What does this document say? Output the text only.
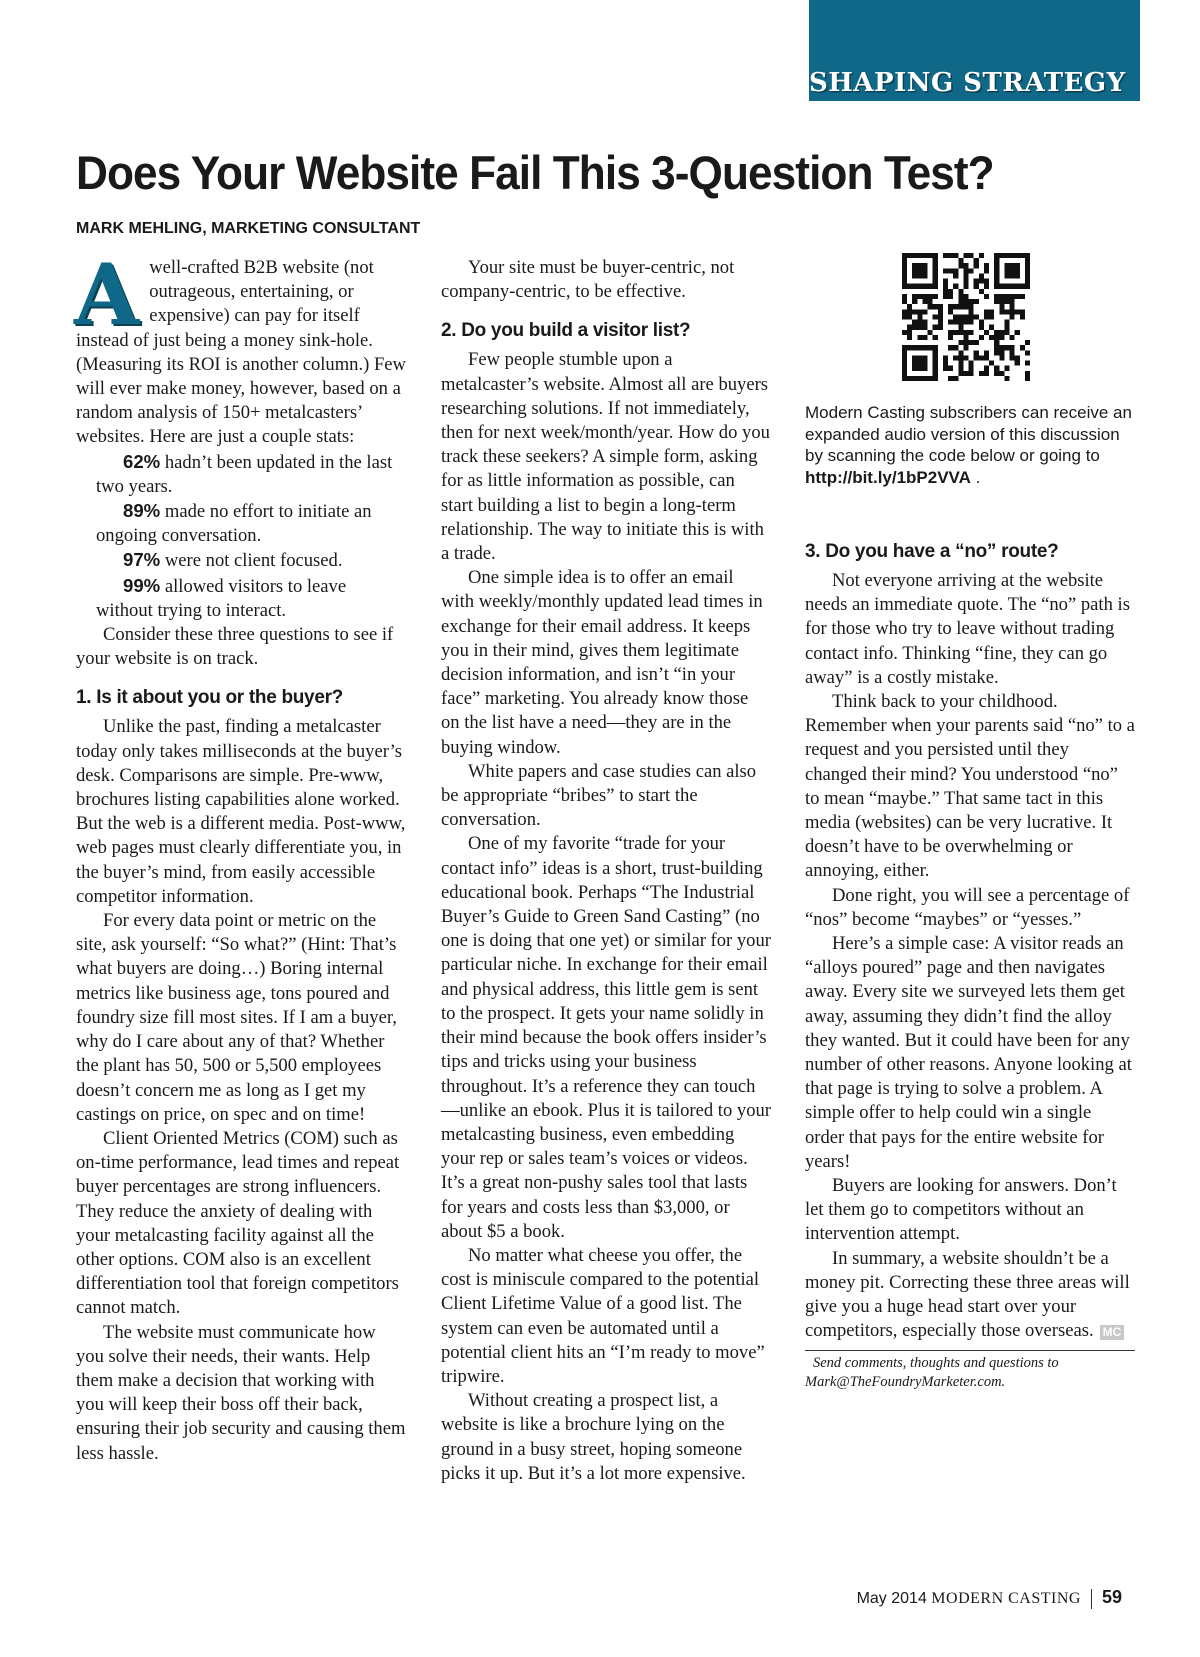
SHAPING STRATEGY
Does Your Website Fail This 3-Question Test?
MARK MEHLING, MARKETING CONSULTANT

Awell-crafted B2B website (not outrageous, entertaining, or expensive) can pay for itself instead of just being a money sink-hole. (Measuring its ROI is another column.) Few will ever make money, however, based on a random analysis of 150+ metalcasters’ websites. Here are just a couple stats:

62% hadn’t been updated in the last two years.

89% made no effort to initiate an ongoing conversation.

97% were not client focused.

99% allowed visitors to leave without trying to interact.

Consider these three questions to see if your website is on track.

1. Is it about you or the buyer?

Unlike the past, finding a metalcaster today only takes milliseconds at the buyer’s desk. Comparisons are simple. Pre-www, brochures listing capabilities alone worked. But the web is a different media. Post-www, web pages must clearly differentiate you, in the buyer’s mind, from easily accessible competitor information.

For every data point or metric on the site, ask yourself: “So what?” (Hint: That’s what buyers are doing…) Boring internal metrics like business age, tons poured and foundry size fill most sites. If I am a buyer, why do I care about any of that? Whether the plant has 50, 500 or 5,500 employees doesn’t concern me as long as I get my castings on price, on spec and on time!

Client Oriented Metrics (COM) such as on-time performance, lead times and repeat buyer percentages are strong influencers. They reduce the anxiety of dealing with your metalcasting facility against all the other options. COM also is an excellent differentiation tool that foreign competitors cannot match.

The website must communicate how you solve their needs, their wants. Help them make a decision that working with you will keep their boss off their back, ensuring their job security and causing them less hassle.

Your site must be buyer-centric, not company-centric, to be effective.

2. Do you build a visitor list?

Few people stumble upon a metalcaster’s website. Almost all are buyers researching solutions. If not immediately, then for next week/month/year. How do you track these seekers? A simple form, asking for as little information as possible, can start building a list to begin a long-term relationship. The way to initiate this is with a trade.

One simple idea is to offer an email with weekly/monthly updated lead times in exchange for their email address. It keeps you in their mind, gives them legitimate decision information, and isn’t “in your face” marketing. You already know those on the list have a need—they are in the buying window.

White papers and case studies can also be appropriate “bribes” to start the conversation.

One of my favorite “trade for your contact info” ideas is a short, trust-building educational book. Perhaps “The Industrial Buyer’s Guide to Green Sand Casting” (no one is doing that one yet) or similar for your particular niche. In exchange for their email and physical address, this little gem is sent to the prospect. It gets your name solidly in their mind because the book offers insider’s tips and tricks using your business throughout. It’s a reference they can touch—unlike an ebook. Plus it is tailored to your metalcasting business, even embedding your rep or sales team’s voices or videos. It’s a great non-pushy sales tool that lasts for years and costs less than $3,000, or about $5 a book.

No matter what cheese you offer, the cost is miniscule compared to the potential Client Lifetime Value of a good list. The system can even be automated until a potential client hits an “I’m ready to move” tripwire.

Without creating a prospect list, a website is like a brochure lying on the ground in a busy street, hoping someone picks it up. But it’s a lot more expensive.

Modern Casting subscribers can receive an expanded audio version of this discussion by scanning the code below or going to http://bit.ly/1bP2VVA .

3. Do you have a “no” route?

Not everyone arriving at the website needs an immediate quote. The “no” path is for those who try to leave without trading contact info. Thinking “fine, they can go away” is a costly mistake.

Think back to your childhood. Remember when your parents said “no” to a request and you persisted until they changed their mind? You understood “no” to mean “maybe.” That same tact in this media (websites) can be very lucrative. It doesn’t have to be overwhelming or annoying, either.

Done right, you will see a percentage of “nos” become “maybes” or “yesses.”

Here’s a simple case: A visitor reads an “alloys poured” page and then navigates away. Every site we surveyed lets them get away, assuming they didn’t find the alloy they wanted. But it could have been for any number of other reasons. Anyone looking at that page is trying to solve a problem. A simple offer to help could win a single order that pays for the entire website for years!

Buyers are looking for answers. Don’t let them go to competitors without an intervention attempt.

In summary, a website shouldn’t be a money pit. Correcting these three areas will give you a huge head start over your competitors, especially those overseas. MC

Send comments, thoughts and questions to Mark@TheFoundryMarketer.com.

May 2014 MODERN CASTING 59
